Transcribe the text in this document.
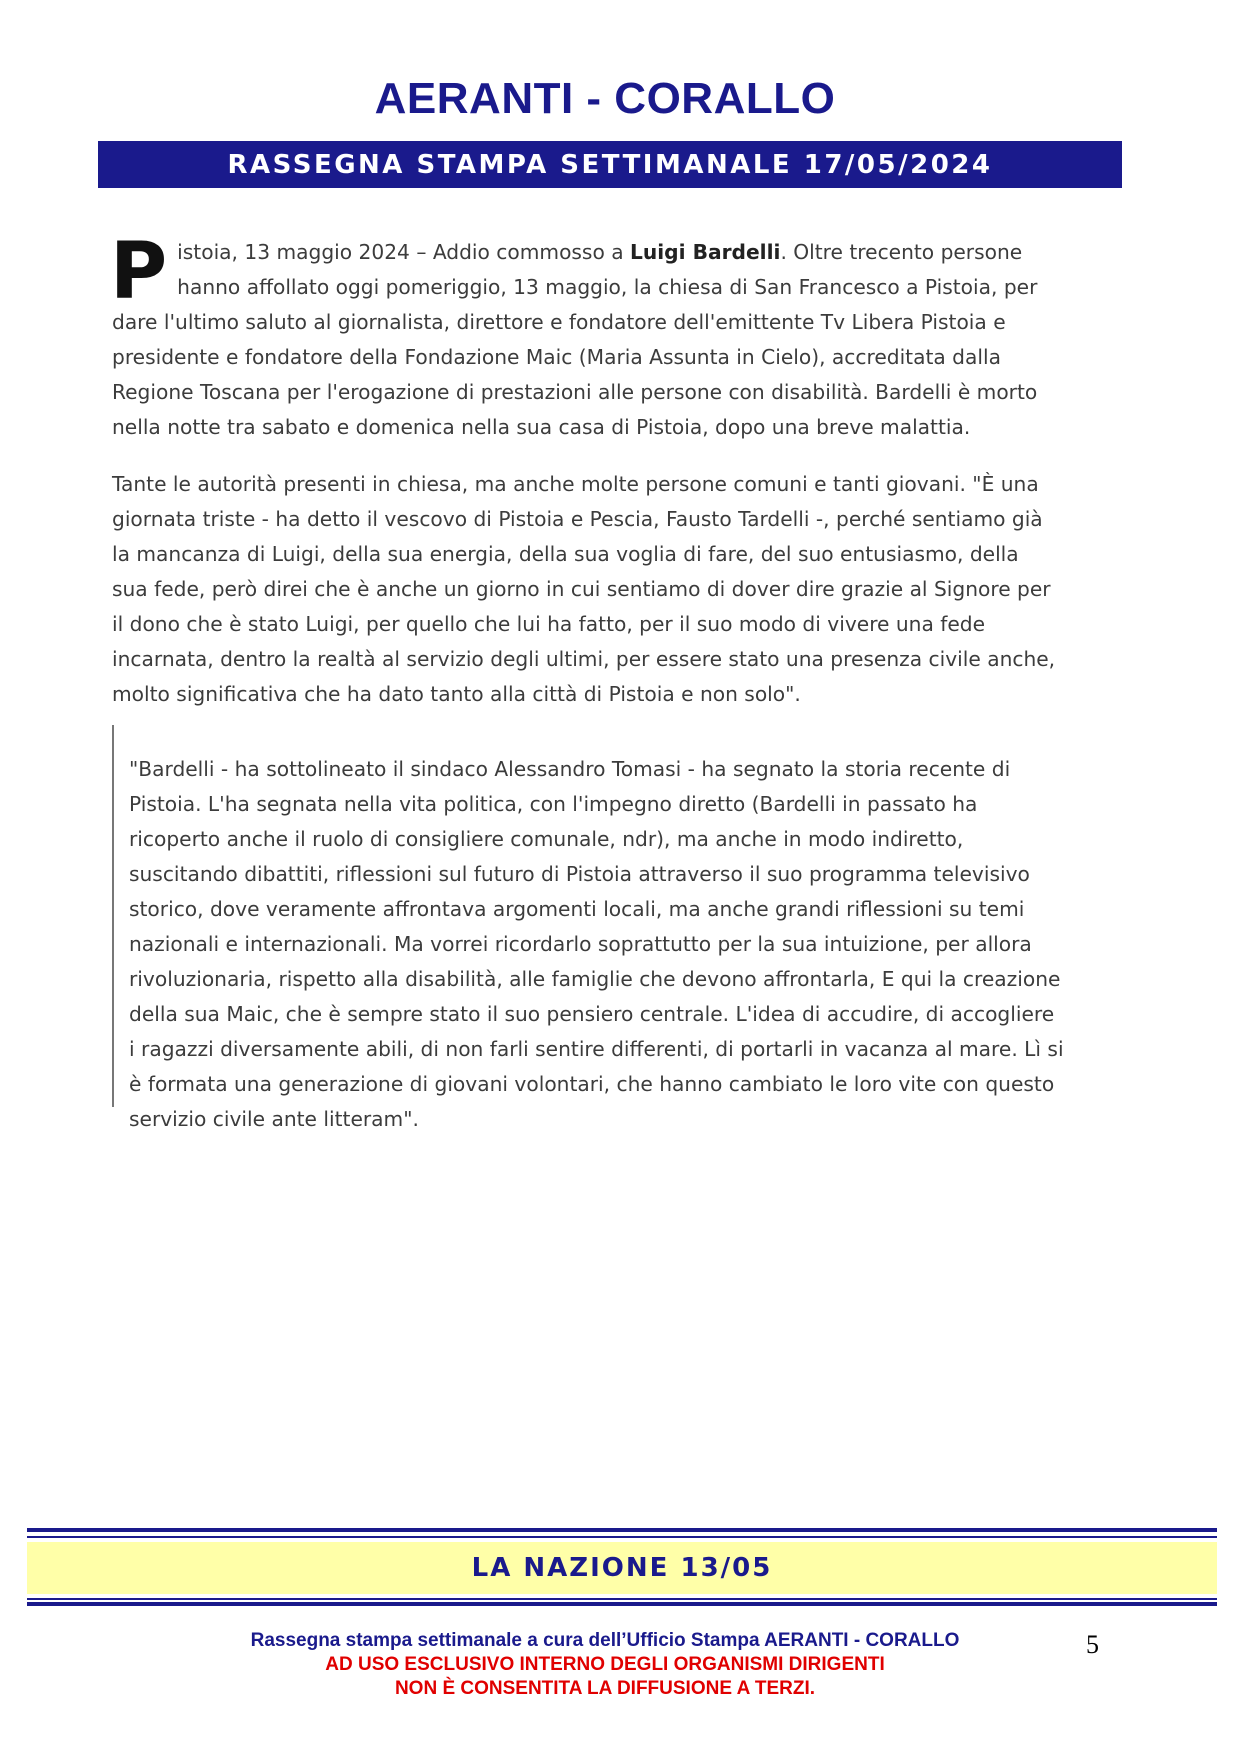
AERANTI - CORALLO
RASSEGNA STAMPA SETTIMANALE 17/05/2024

Pistoia, 13 maggio 2024 – Addio commosso a Luigi Bardelli. Oltre trecento persone hanno affollato oggi pomeriggio, 13 maggio, la chiesa di San Francesco a Pistoia, per dare l'ultimo saluto al giornalista, direttore e fondatore dell'emittente Tv Libera Pistoia e presidente e fondatore della Fondazione Maic (Maria Assunta in Cielo), accreditata dalla Regione Toscana per l'erogazione di prestazioni alle persone con disabilità. Bardelli è morto nella notte tra sabato e domenica nella sua casa di Pistoia, dopo una breve malattia.

Tante le autorità presenti in chiesa, ma anche molte persone comuni e tanti giovani. "È una giornata triste - ha detto il vescovo di Pistoia e Pescia, Fausto Tardelli -, perché sentiamo già la mancanza di Luigi, della sua energia, della sua voglia di fare, del suo entusiasmo, della sua fede, però direi che è anche un giorno in cui sentiamo di dover dire grazie al Signore per il dono che è stato Luigi, per quello che lui ha fatto, per il suo modo di vivere una fede incarnata, dentro la realtà al servizio degli ultimi, per essere stato una presenza civile anche, molto significativa che ha dato tanto alla città di Pistoia e non solo".

"Bardelli - ha sottolineato il sindaco Alessandro Tomasi - ha segnato la storia recente di Pistoia. L'ha segnata nella vita politica, con l'impegno diretto (Bardelli in passato ha ricoperto anche il ruolo di consigliere comunale, ndr), ma anche in modo indiretto, suscitando dibattiti, riflessioni sul futuro di Pistoia attraverso il suo programma televisivo storico, dove veramente affrontava argomenti locali, ma anche grandi riflessioni su temi nazionali e internazionali. Ma vorrei ricordarlo soprattutto per la sua intuizione, per allora rivoluzionaria, rispetto alla disabilità, alle famiglie che devono affrontarla, E qui la creazione della sua Maic, che è sempre stato il suo pensiero centrale. L'idea di accudire, di accogliere i ragazzi diversamente abili, di non farli sentire differenti, di portarli in vacanza al mare. Lì si è formata una generazione di giovani volontari, che hanno cambiato le loro vite con questo servizio civile ante litteram".

LA NAZIONE 13/05
Rassegna stampa settimanale a cura dell’Ufficio Stampa AERANTI - CORALLO
AD USO ESCLUSIVO INTERNO DEGLI ORGANISMI DIRIGENTI
NON È CONSENTITA LA DIFFUSIONE A TERZI.
5
